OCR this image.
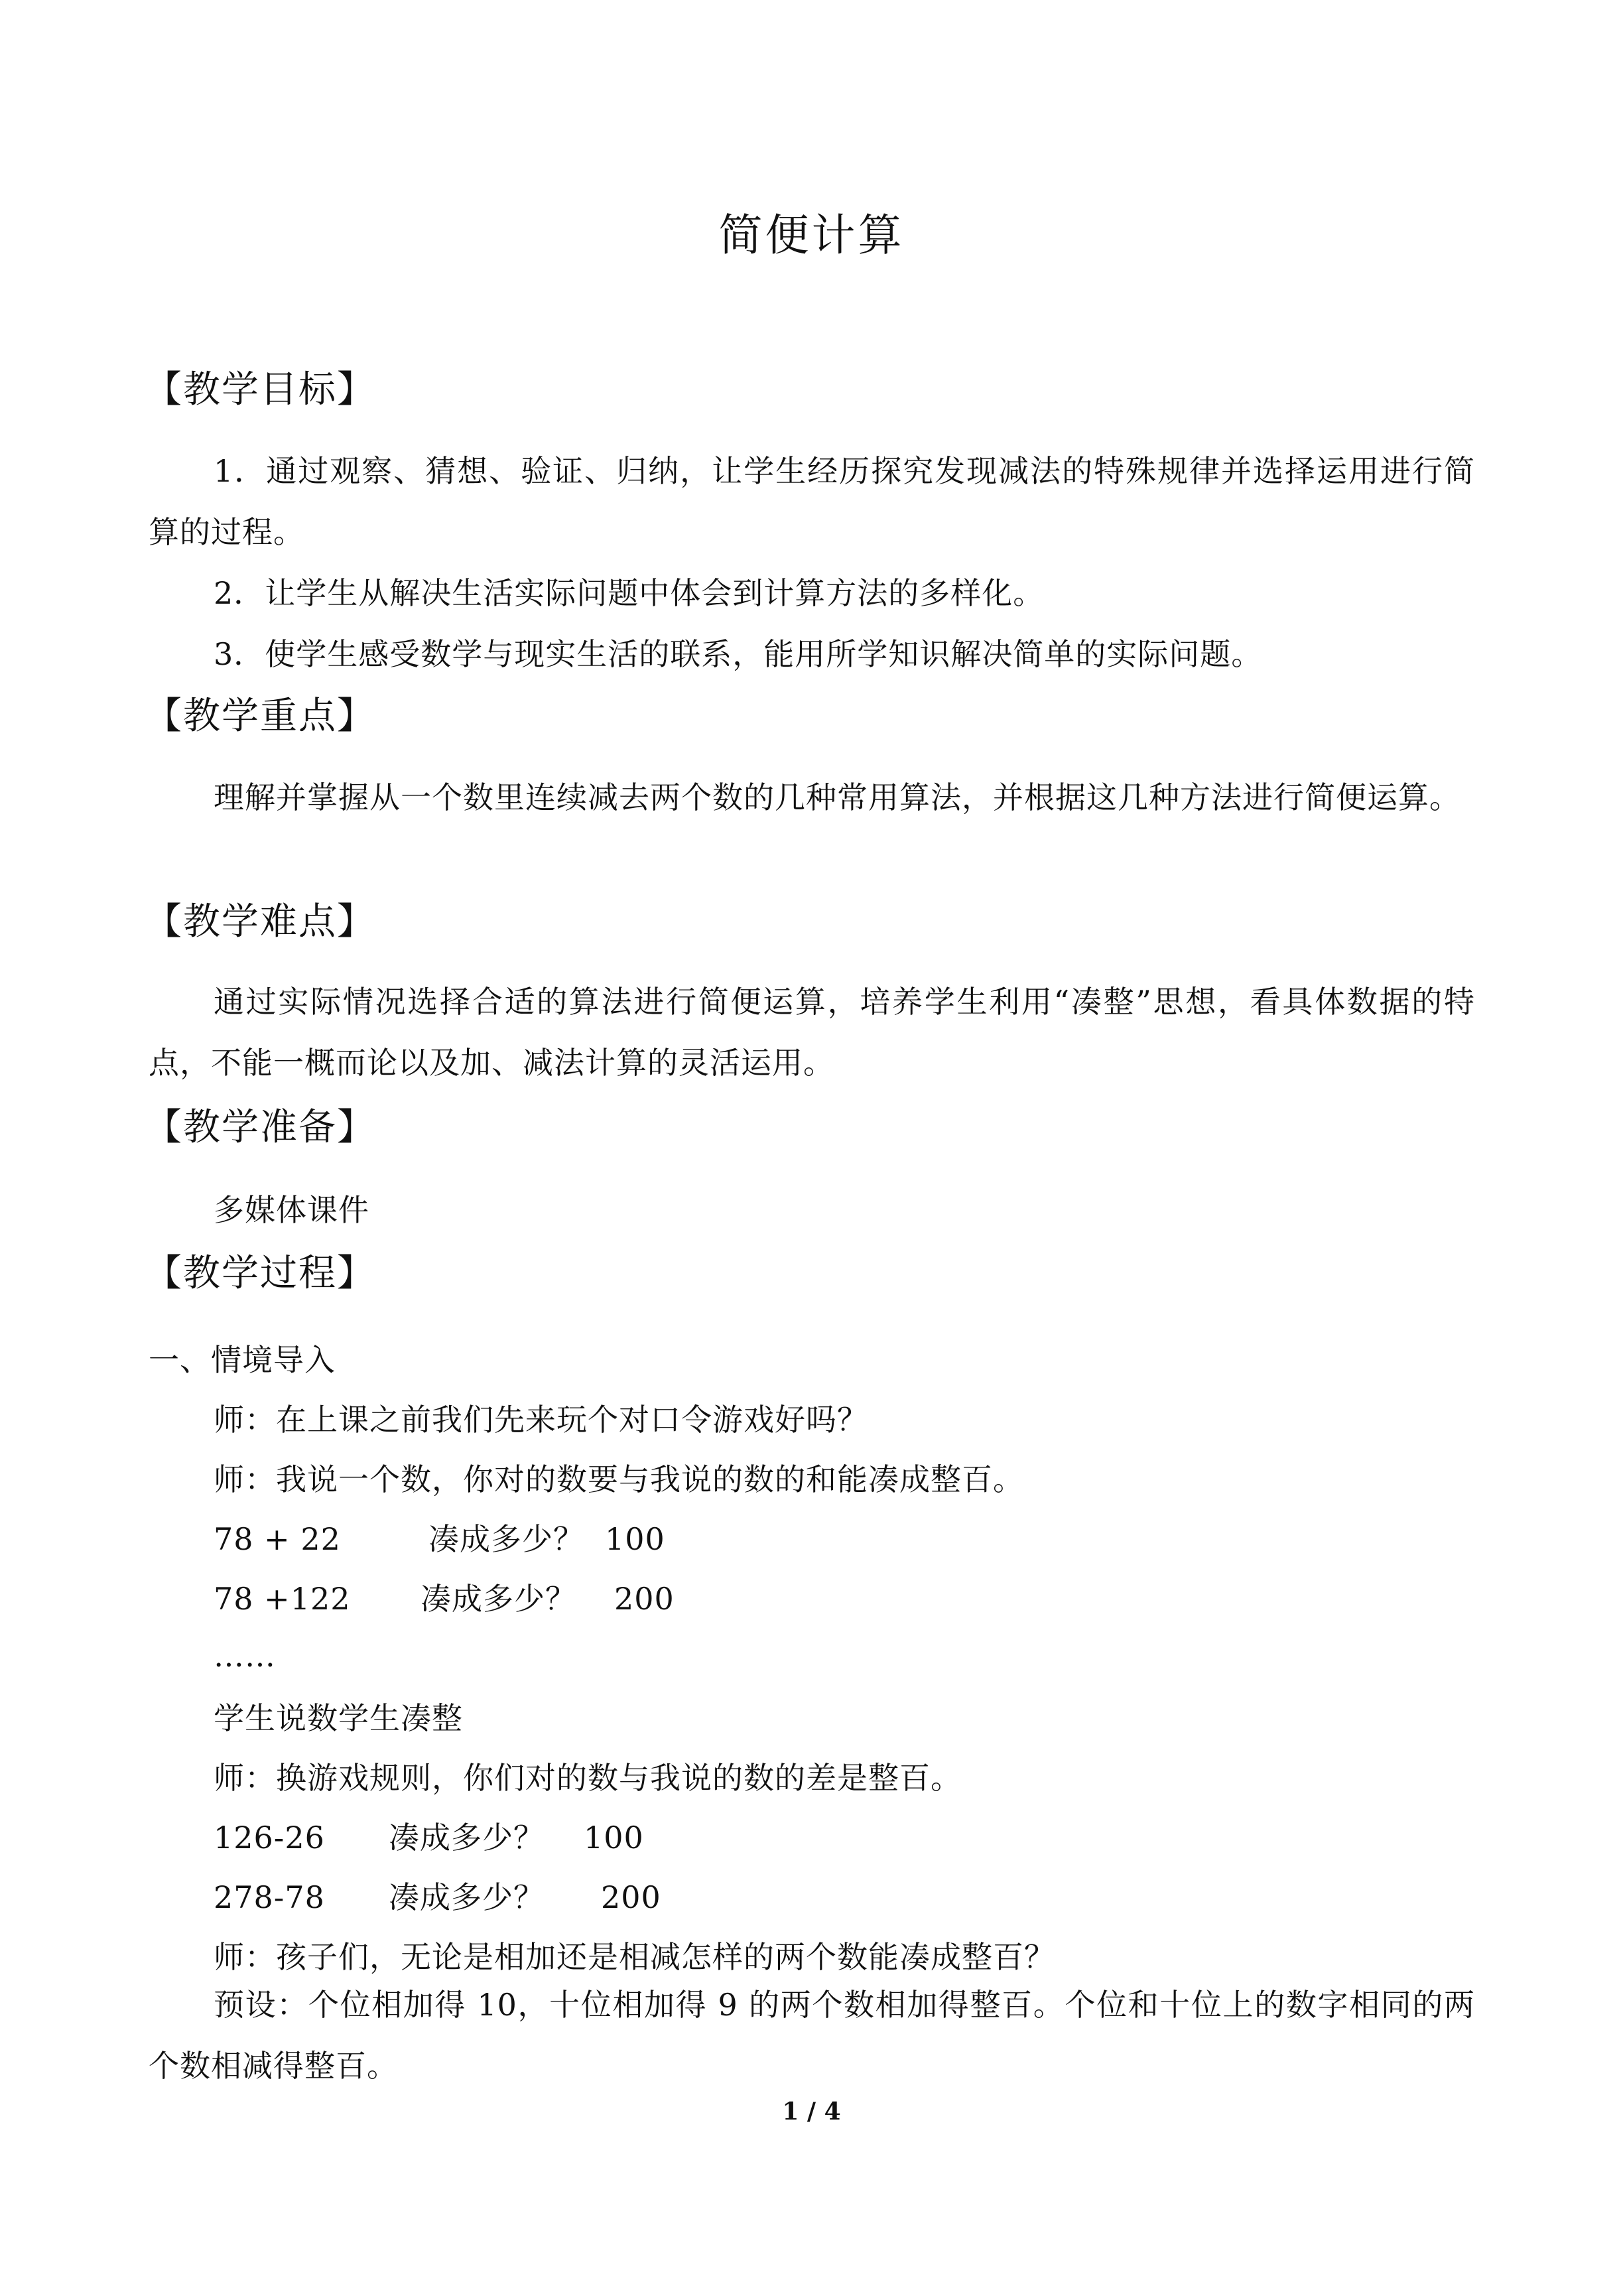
简便计算
【教学目标】

1．通过观察、猜想、验证、归纳，让学生经历探究发现减法的特殊规律并选择运用进行简算的过程。

2．让学生从解决生活实际问题中体会到计算方法的多样化。

3．使学生感受数学与现实生活的联系，能用所学知识解决简单的实际问题。

【教学重点】

理解并掌握从一个数里连续减去两个数的几种常用算法，并根据这几种方法进行简便运算。

【教学难点】

通过实际情况选择合适的算法进行简便运算，培养学生利用“凑整”思想，看具体数据的特点，不能一概而论以及加、减法计算的灵活运用。

【教学准备】

多媒体课件

【教学过程】

一、情境导入

师：在上课之前我们先来玩个对口令游戏好吗？

师：我说一个数，你对的数要与我说的数的和能凑成整百。

78 + 22	凑成多少？ 100
78 +122 凑成多少？ 200

……

学生说数学生凑整

师：换游戏规则，你们对的数与我说的数的差是整百。

126-26 凑成多少？ 100
278-78 凑成多少？ 200

师：孩子们，无论是相加还是相减怎样的两个数能凑成整百？

预设：个位相加得 10，十位相加得 9 的两个数相加得整百。个位和十位上的数字相同的两个数相减得整百。

1 / 4
